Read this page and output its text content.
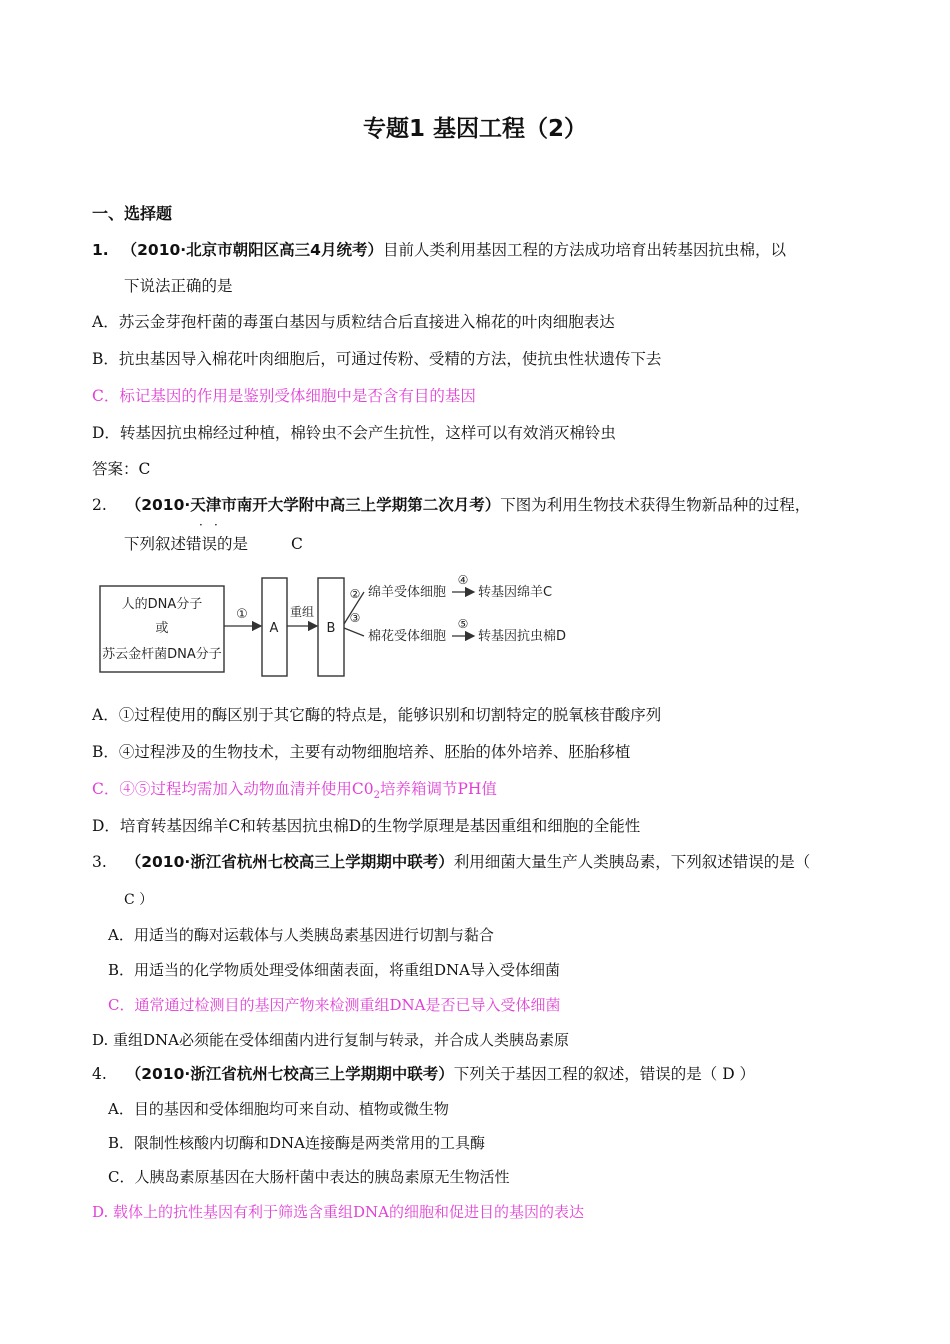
专题1 基因工程（2）
一、选择题
1. （2010·北京市朝阳区高三4月统考）目前人类利用基因工程的方法成功培育出转基因抗虫棉，以
下说法正确的是
A．苏云金芽孢杆菌的毒蛋白基因与质粒结合后直接进入棉花的叶肉细胞表达
B．抗虫基因导入棉花叶肉细胞后，可通过传粉、受精的方法，使抗虫性状遗传下去
C．标记基因的作用是鉴别受体细胞中是否含有目的基因
D．转基因抗虫棉经过种植，棉铃虫不会产生抗性，这样可以有效消灭棉铃虫
答案：C
2. （2010·天津市南开大学附中高三上学期第二次月考）下图为利用生物技术获得生物新品种的过程，
· ·
下列叙述错误的是	C
人的DNA分子
或
苏云金杆菌DNA分子
①
A
重组
B
②
③
绵羊受体细胞
棉花受体细胞
④
⑤
转基因绵羊C
转基因抗虫棉D
A．①过程使用的酶区别于其它酶的特点是，能够识别和切割特定的脱氧核苷酸序列
B．④过程涉及的生物技术，主要有动物细胞培养、胚胎的体外培养、胚胎移植
C．④⑤过程均需加入动物血清并使用$C0_2$培养箱调节PH值
D．培育转基因绵羊C和转基因抗虫棉D的生物学原理是基因重组和细胞的全能性
3. （2010·浙江省杭州七校高三上学期期中联考）利用细菌大量生产人类胰岛素，下列叙述错误的是（
C ）
A．用适当的酶对运载体与人类胰岛素基因进行切割与黏合
B．用适当的化学物质处理受体细菌表面，将重组DNA导入受体细菌
C．通常通过检测目的基因产物来检测重组DNA是否已导入受体细菌
D. 重组DNA必须能在受体细菌内进行复制与转录，并合成人类胰岛素原
4. （2010·浙江省杭州七校高三上学期期中联考）下列关于基因工程的叙述，错误的是（ D ）
A．目的基因和受体细胞均可来自动、植物或微生物
B．限制性核酸内切酶和DNA连接酶是两类常用的工具酶
C．人胰岛素原基因在大肠杆菌中表达的胰岛素原无生物活性
D. 载体上的抗性基因有利于筛选含重组DNA的细胞和促进目的基因的表达
